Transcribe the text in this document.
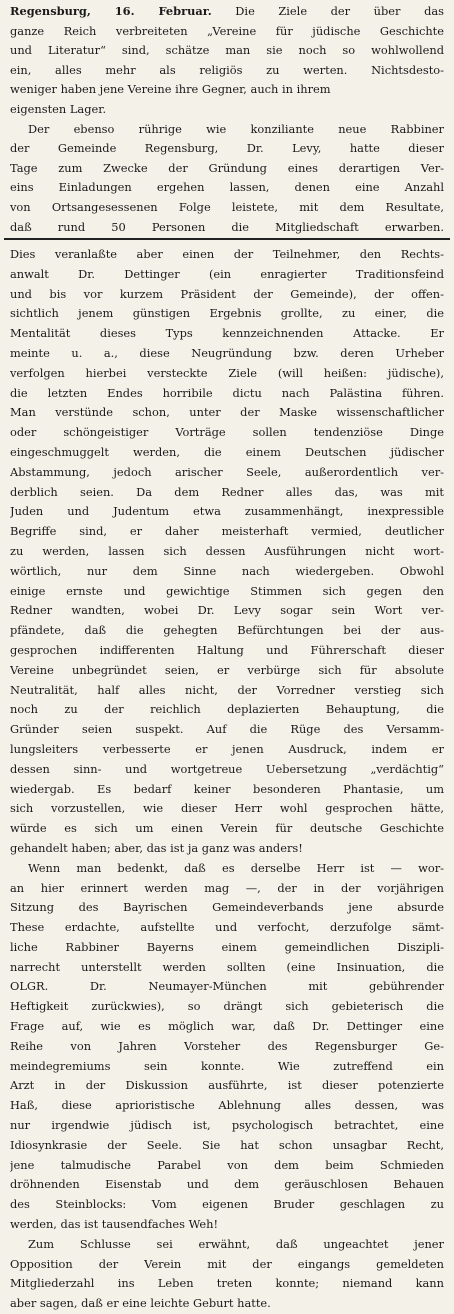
Regensburg, 16. Februar. Die Ziele der über das
ganze Reich verbreiteten „Vereine für jüdische Geschichte
und Literatur“ sind, schätze man sie noch so wohlwollend
ein, alles mehr als religiös zu werten. Nichtsdesto-
weniger haben jene Vereine ihre Gegner, auch in ihrem
eigensten Lager.
Der ebenso rührige wie konziliante neue Rabbiner
der Gemeinde Regensburg, Dr. Levy, hatte dieser
Tage zum Zwecke der Gründung eines derartigen Ver-
eins Einladungen ergehen lassen, denen eine Anzahl
von Ortsangesessenen Folge leistete, mit dem Resultate,
daß rund 50 Personen die Mitgliedschaft erwarben.
Dies veranlaßte aber einen der Teilnehmer, den Rechts-
anwalt Dr. Dettinger (ein enragierter Traditionsfeind
und bis vor kurzem Präsident der Gemeinde), der offen-
sichtlich jenem günstigen Ergebnis grollte, zu einer, die
Mentalität dieses Typs kennzeichnenden Attacke. Er
meinte u. a., diese Neugründung bzw. deren Urheber
verfolgen hierbei versteckte Ziele (will heißen: jüdische),
die letzten Endes horribile dictu nach Palästina führen.
Man verstünde schon, unter der Maske wissenschaftlicher
oder schöngeistiger Vorträge sollen tendenziöse Dinge
eingeschmuggelt werden, die einem Deutschen jüdischer
Abstammung, jedoch arischer Seele, außerordentlich ver-
derblich seien. Da dem Redner alles das, was mit
Juden und Judentum etwa zusammenhängt, inexpressible
Begriffe sind, er daher meisterhaft vermied, deutlicher
zu werden, lassen sich dessen Ausführungen nicht wort-
wörtlich, nur dem Sinne nach wiedergeben. Obwohl
einige ernste und gewichtige Stimmen sich gegen den
Redner wandten, wobei Dr. Levy sogar sein Wort ver-
pfändete, daß die gehegten Befürchtungen bei der aus-
gesprochen indifferenten Haltung und Führerschaft dieser
Vereine unbegründet seien, er verbürge sich für absolute
Neutralität, half alles nicht, der Vorredner verstieg sich
noch zu der reichlich deplazierten Behauptung, die
Gründer seien suspekt. Auf die Rüge des Versamm-
lungsleiters verbesserte er jenen Ausdruck, indem er
dessen sinn- und wortgetreue Uebersetzung „verdächtig“
wiedergab. Es bedarf keiner besonderen Phantasie, um
sich vorzustellen, wie dieser Herr wohl gesprochen hätte,
würde es sich um einen Verein für deutsche Geschichte
gehandelt haben; aber, das ist ja ganz was anders!
Wenn man bedenkt, daß es derselbe Herr ist — wor-
an hier erinnert werden mag —, der in der vorjährigen
Sitzung des Bayrischen Gemeindeverbands jene absurde
These erdachte, aufstellte und verfocht, derzufolge sämt-
liche Rabbiner Bayerns einem gemeindlichen Diszipli-
narrecht unterstellt werden sollten (eine Insinuation, die
OLGR. Dr. Neumayer-München mit gebührender
Heftigkeit zurückwies), so drängt sich gebieterisch die
Frage auf, wie es möglich war, daß Dr. Dettinger eine
Reihe von Jahren Vorsteher des Regensburger Ge-
meindegremiums sein konnte. Wie zutreffend ein
Arzt in der Diskussion ausführte, ist dieser potenzierte
Haß, diese aprioristische Ablehnung alles dessen, was
nur irgendwie jüdisch ist, psychologisch betrachtet, eine
Idiosynkrasie der Seele. Sie hat schon unsagbar Recht,
jene talmudische Parabel von dem beim Schmieden
dröhnenden Eisenstab und dem geräuschlosen Behauen
des Steinblocks: Vom eigenen Bruder geschlagen zu
werden, das ist tausendfaches Weh!
Zum Schlusse sei erwähnt, daß ungeachtet jener
Opposition der Verein mit der eingangs gemeldeten
Mitgliederzahl ins Leben treten konnte; niemand kann
aber sagen, daß er eine leichte Geburt hatte.
